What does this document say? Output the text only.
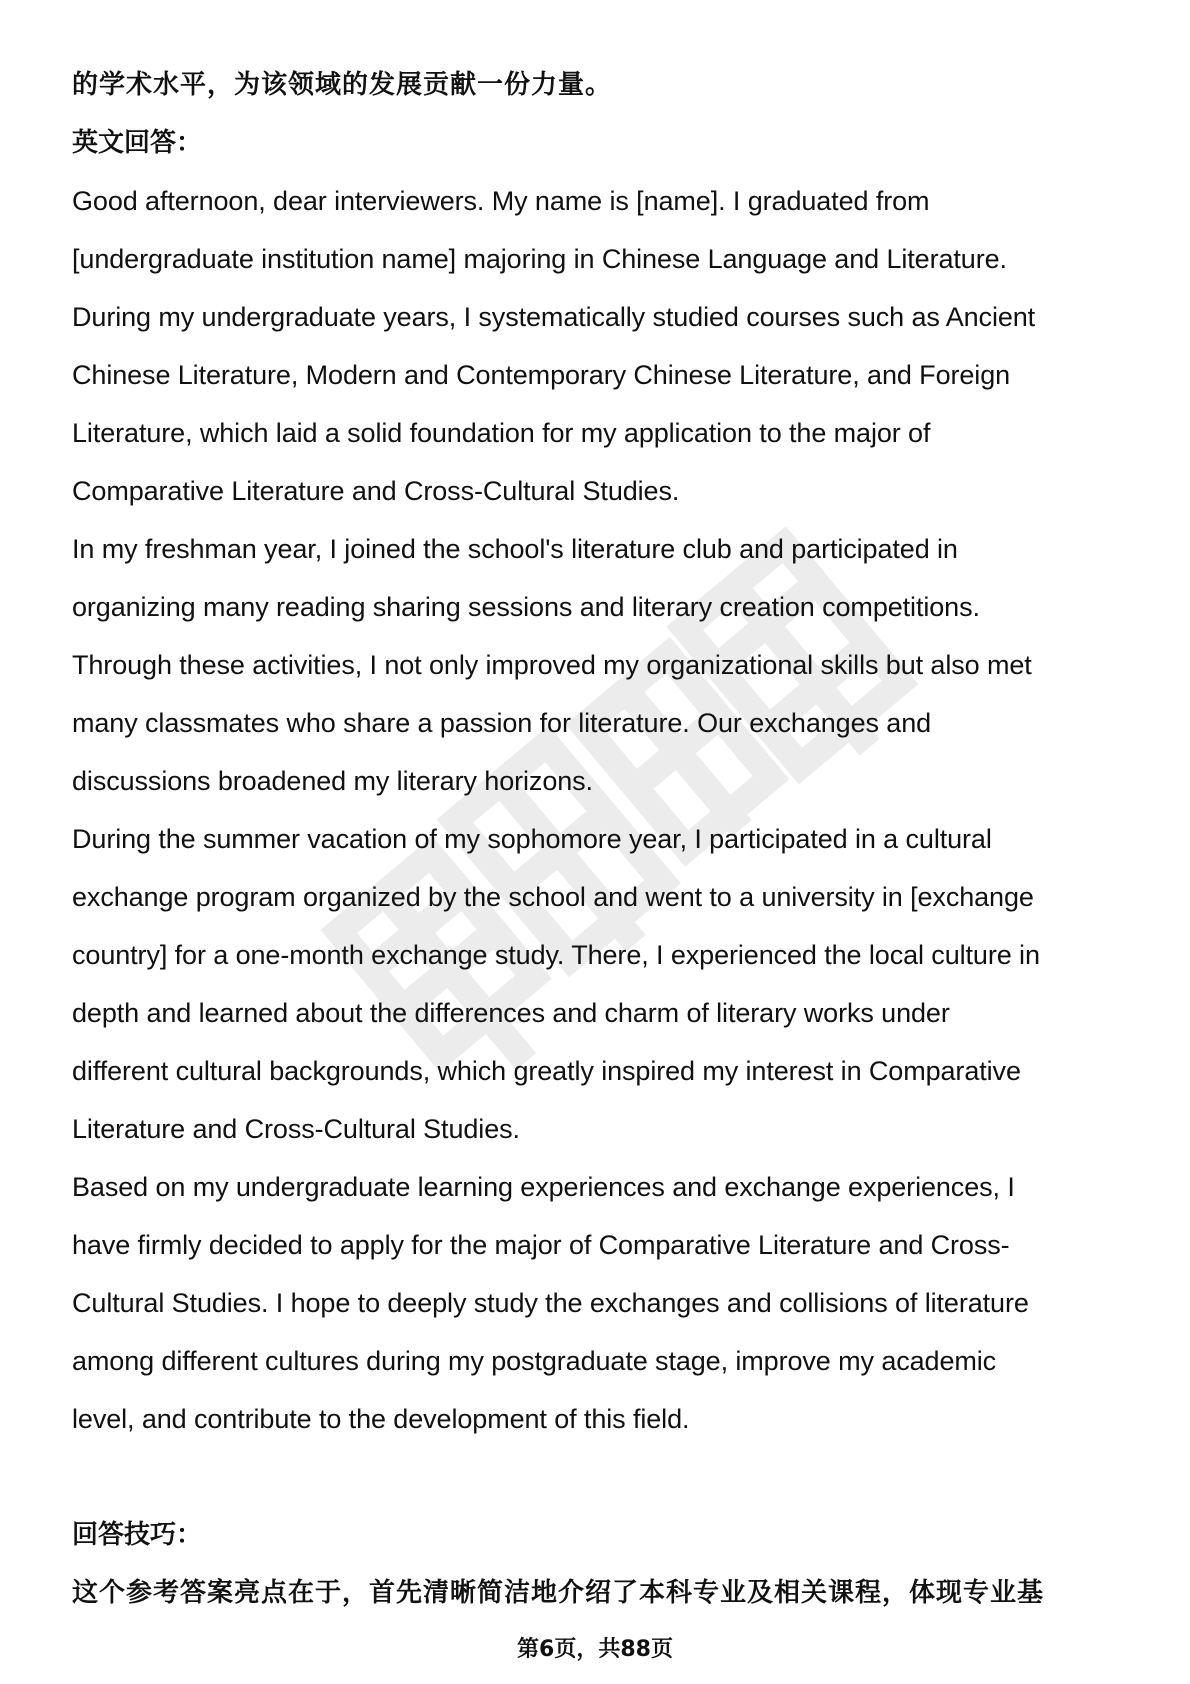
的学术水平，为该领域的发展贡献一份力量。
英文回答：
Good afternoon, dear interviewers. My name is [name]. I graduated from
[undergraduate institution name] majoring in Chinese Language and Literature.
During my undergraduate years, I systematically studied courses such as Ancient
Chinese Literature, Modern and Contemporary Chinese Literature, and Foreign
Literature, which laid a solid foundation for my application to the major of
Comparative Literature and Cross-Cultural Studies.
In my freshman year, I joined the school's literature club and participated in
organizing many reading sharing sessions and literary creation competitions.
Through these activities, I not only improved my organizational skills but also met
many classmates who share a passion for literature. Our exchanges and
discussions broadened my literary horizons.
During the summer vacation of my sophomore year, I participated in a cultural
exchange program organized by the school and went to a university in [exchange
country] for a one-month exchange study. There, I experienced the local culture in
depth and learned about the differences and charm of literary works under
different cultural backgrounds, which greatly inspired my interest in Comparative
Literature and Cross-Cultural Studies.
Based on my undergraduate learning experiences and exchange experiences, I
have firmly decided to apply for the major of Comparative Literature and Cross-
Cultural Studies. I hope to deeply study the exchanges and collisions of literature
among different cultures during my postgraduate stage, improve my academic
level, and contribute to the development of this field.
回答技巧：
这个参考答案亮点在于，首先清晰简洁地介绍了本科专业及相关课程，体现专业基
第6页，共88页
